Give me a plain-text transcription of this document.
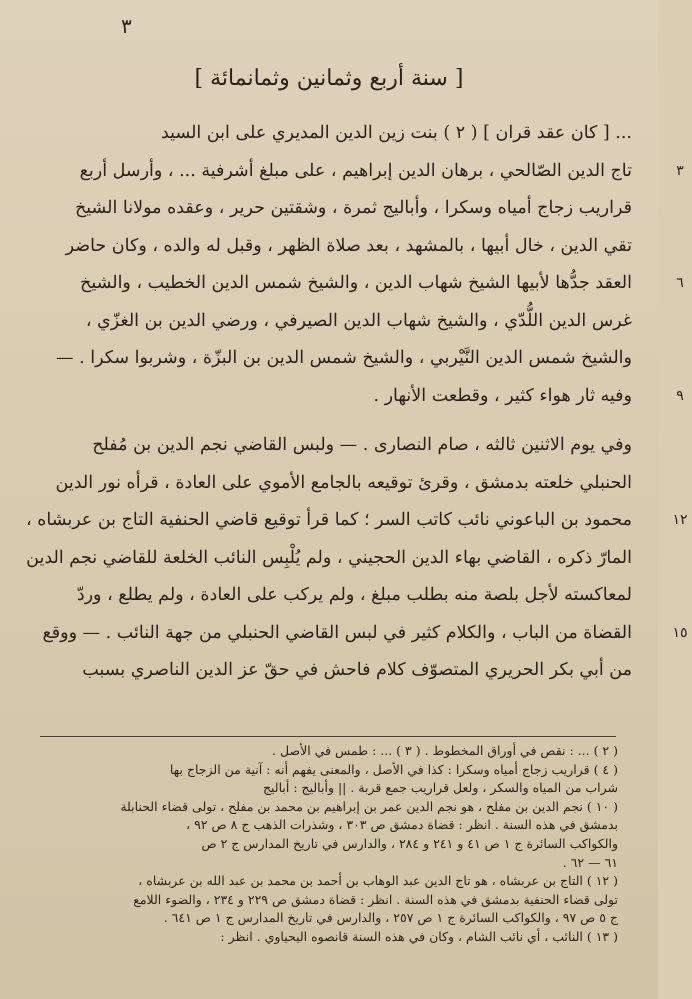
٣
[ سنة أربع وثمانين وثمانمائة ]
... [ كان عقد قران ] ( ٢ ) بنت زين الدين المديري على ابن السيد
تاج الدين الصّالحي ، برهان الدين إبراهيم ، على مبلغ أشرفية ... ، وأرسل أربع	٣
قراريب زجاج أمياه وسكرا ، وأباليج ثمرة ، وشقتين حرير ، وعقده مولانا الشيخ
تقي الدين ، خال أبيها ، بالمشهد ، بعد صلاة الظهر ، وقبل له والده ، وكان حاضر
العقد جدُّها لأبيها الشيخ شهاب الدين ، والشيخ شمس الدين الخطيب ، والشيخ	٦
غرس الدين اللُّدّي ، والشيخ شهاب الدين الصيرفي ، ورضي الدين بن الغزّي ،
والشيخ شمس الدين النَّيْربي ، والشيخ شمس الدين بن البزّة ، وشربوا سكرا . —
وفيه ثار هواء كثير ، وقطعت الأنهار .	٩
وفي يوم الاثنين ثالثه ، صام النصارى . — ولبس القاضي نجم الدين بن مُفلح
الحنبلي خلعته بدمشق ، وقرئ توقيعه بالجامع الأموي على العادة ، قرأه نور الدين
محمود بن الباعوني نائب كاتب السر ؛ كما قرأ توقيع قاضي الحنفية التاج بن عربشاه ،	١٢
المارّ ذكره ، القاضي بهاء الدين الحجيني ، ولم يُلْبِس النائب الخلعة للقاضي نجم الدين
لمعاكسته لأجل بلصة منه بطلب مبلغ ، ولم يركب على العادة ، ولم يطلع ، وردّ
القضاة من الباب ، والكلام كثير في لبس القاضي الحنبلي من جهة النائب . — ووقع	١٥
من أبي بكر الحريري المتصوّف كلام فاحش في حقّ عز الدين الناصري بسبب
( ٢ ) ... : نقص في أوراق المخطوط . ( ٣ ) ... : طمس في الأصل .
( ٤ ) قراريب زجاج أمياه وسكرا : كذا في الأصل ، والمعنى يفهم أنه : آنية من الزجاج بها
شراب من المياه والسكر ، ولعل قراريب جمع قربة . || وأباليج : أباليج
( ١٠ ) نجم الدين بن مفلح ، هو نجم الدين عمر بن إبراهيم بن محمد بن مفلح ، تولى قضاء الحنابلة
بدمشق في هذه السنة . انظر : قضاة دمشق ص ٣٠٣ ، وشذرات الذهب ج ٨ ص ٩٢ ،
والكواكب السائرة ج ١ ص ٤١ و ٢٤١ و ٢٨٤ ، والدارس في تاريخ المدارس ج ٢ ص
٦١ — ٦٢ .
( ١٢ ) التاج بن عربشاه ، هو تاج الدين عبد الوهاب بن أحمد بن محمد بن عبد الله بن عربشاه ،
تولى قضاء الحنفية بدمشق في هذه السنة . انظر : قضاة دمشق ص ٢٢٩ و ٢٣٤ ، والضوء اللامع
ج ٥ ص ٩٧ ، والكواكب السائرة ج ١ ص ٢٥٧ ، والدارس في تاريخ المدارس ج ١ ص ٦٤١ .
( ١٣ ) النائب ، أي نائب الشام ، وكان في هذه السنة قانصوه اليحياوي . انظر :
